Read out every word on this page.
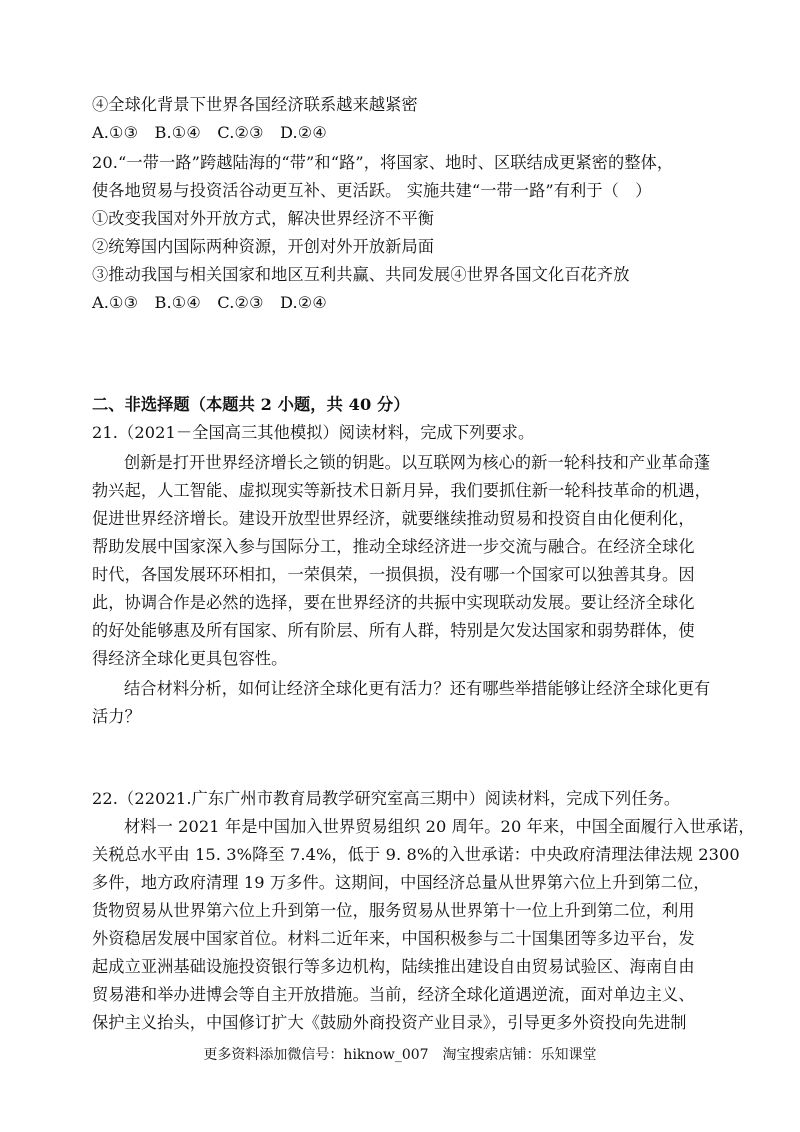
④全球化背景下世界各国经济联系越来越紧密
A.①③　B.①④　C.②③　D.②④
20.“一带一路”跨越陆海的“带”和“路”，将国家、地时、区联结成更紧密的整体，
使各地贸易与投资活谷动更互补、更活跃。 实施共建“一带一路”有利于（　）
①改变我国对外开放方式，解决世界经济不平衡
②统筹国内国际两种资源，开创对外开放新局面
③推动我国与相关国家和地区互利共赢、共同发展④世界各国文化百花齐放
A.①③　B.①④　C.②③　D.②④
二、非选择题（本题共 2 小题，共 40 分）
21.（2021－全国高三其他模拟）阅读材料，完成下列要求。
创新是打开世界经济增长之锁的钥匙。以互联网为核心的新一轮科技和产业革命蓬
勃兴起，人工智能、虚拟现实等新技术日新月异，我们要抓住新一轮科技革命的机遇，
促进世界经济增长。建设开放型世界经济，就要继续推动贸易和投资自由化便利化，
帮助发展中国家深入参与国际分工，推动全球经济进一步交流与融合。在经济全球化
时代，各国发展环环相扣，一荣俱荣，一损俱损，没有哪一个国家可以独善其身。因
此，协调合作是必然的选择，要在世界经济的共振中实现联动发展。要让经济全球化
的好处能够惠及所有国家、所有阶层、所有人群，特别是欠发达国家和弱势群体，使
得经济全球化更具包容性。
结合材料分析，如何让经济全球化更有活力？还有哪些举措能够让经济全球化更有
活力？
22.（22021.广东广州市教育局教学研究室高三期中）阅读材料，完成下列任务。
材料一 2021 年是中国加入世界贸易组织 20 周年。20 年来，中国全面履行入世承诺，
关税总水平由 15. 3%降至 7.4%，低于 9. 8%的入世承诺：中央政府清理法律法规 2300
多件，地方政府清理 19 万多件。这期间，中国经济总量从世界第六位上升到第二位，
货物贸易从世界第六位上升到第一位，服务贸易从世界第十一位上升到第二位，利用
外资稳居发展中国家首位。材料二近年来，中国积极参与二十国集团等多边平台，发
起成立亚洲基础设施投资银行等多边机构，陆续推出建设自由贸易试验区、海南自由
贸易港和举办进博会等自主开放措施。当前，经济全球化道遇逆流，面对单边主义、
保护主义抬头，中国修订扩大《鼓励外商投资产业目录》，引导更多外资投向先进制
更多资料添加微信号：hiknow_007　淘宝搜索店铺：乐知课堂
